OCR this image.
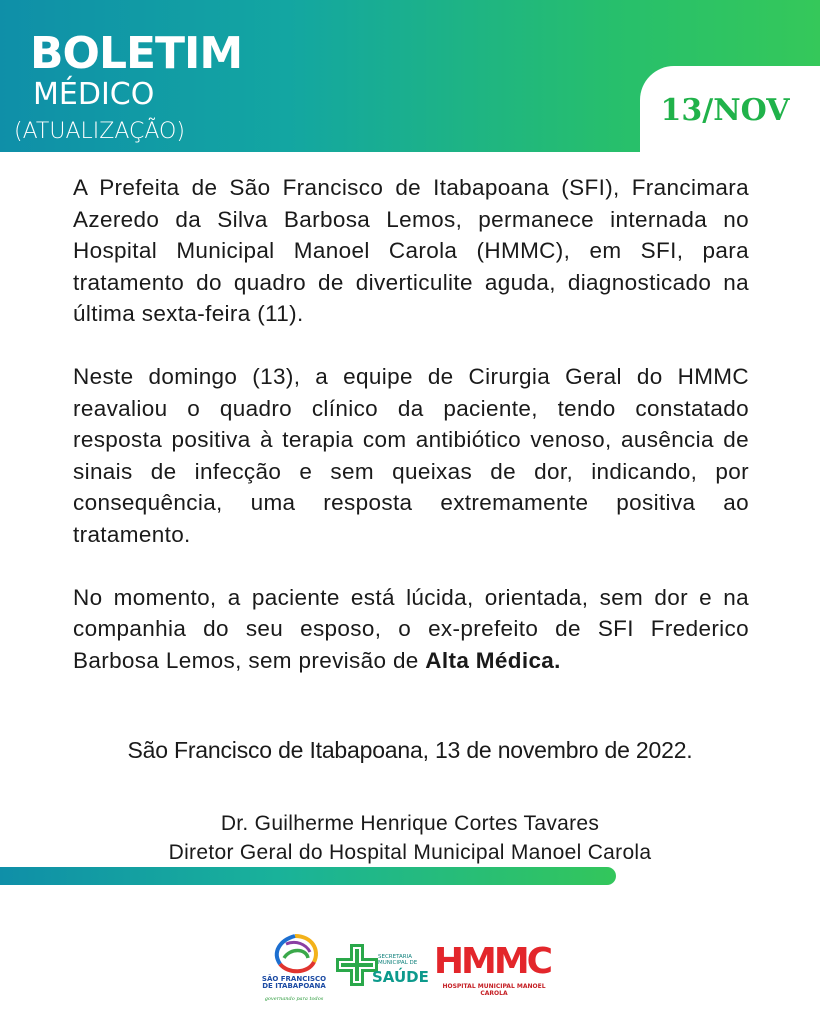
13/NOV
BOLETIM
MÉDICO
(ATUALIZAÇÃO)

A Prefeita de São Francisco de Itabapoana (SFI), Francimara Azeredo da Silva Barbosa Lemos, permanece internada no Hospital Municipal Manoel Carola (HMMC), em SFI, para tratamento do quadro de diverticulite aguda, diagnosticado na última sexta-feira (11).

Neste domingo (13), a equipe de Cirurgia Geral do HMMC reavaliou o quadro clínico da paciente, tendo constatado resposta positiva à terapia com antibiótico venoso, ausência de sinais de infecção e sem queixas de dor, indicando, por consequência, uma resposta extremamente positiva ao tratamento.

No momento, a paciente está lúcida, orientada, sem dor e na companhia do seu esposo, o ex-prefeito de SFI Frederico Barbosa Lemos, sem previsão de Alta Médica.

São Francisco de Itabapoana, 13 de novembro de 2022.
Dr. Guilherme Henrique Cortes Tavares
Diretor Geral do Hospital Municipal Manoel Carola
SÃO FRANCISCO DE ITABAPOANA
governando para todos
SECRETARIA MUNICIPAL DE
SAÚDE HMMC
HOSPITAL MUNICIPAL MANOEL CAROLA
